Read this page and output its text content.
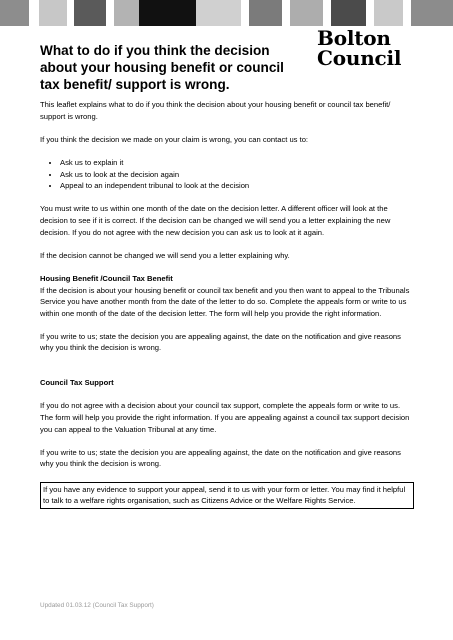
What to do if you think the decision about your housing benefit or council tax benefit/ support is wrong.
Bolton
Council

This leaflet explains what to do if you think the decision about your housing benefit or council tax benefit/ support is wrong.

If you think the decision we made on your claim is wrong, you can contact us to:

• Ask us to explain it
• Ask us to look at the decision again
• Appeal to an independent tribunal to look at the decision

You must write to us within one month of the date on the decision letter. A different officer will look at the decision to see if it is correct. If the decision can be changed we will send you a letter explaining the new decision. If you do not agree with the new decision you can ask us to look at it again.

If the decision cannot be changed we will send you a letter explaining why.

Housing Benefit /Council Tax Benefit

If the decision is about your housing benefit or council tax benefit and you then want to appeal to the Tribunals Service you have another month from the date of the letter to do so. Complete the appeals form or write to us within one month of the date of the decision letter. The form will help you provide the right information.

If you write to us; state the decision you are appealing against, the date on the notification and give reasons why you think the decision is wrong.

Council Tax Support

If you do not agree with a decision about your council tax support, complete the appeals form or write to us. The form will help you provide the right information. If you are appealing against a council tax support decision you can appeal to the Valuation Tribunal at any time.

If you write to us; state the decision you are appealing against, the date on the notification and give reasons why you think the decision is wrong.

If you have any evidence to support your appeal, send it to us with your form or letter. You may find it helpful to talk to a welfare rights organisation, such as Citizens Advice or the Welfare Rights Service.
Updated 01.03.12 (Council Tax Support)
